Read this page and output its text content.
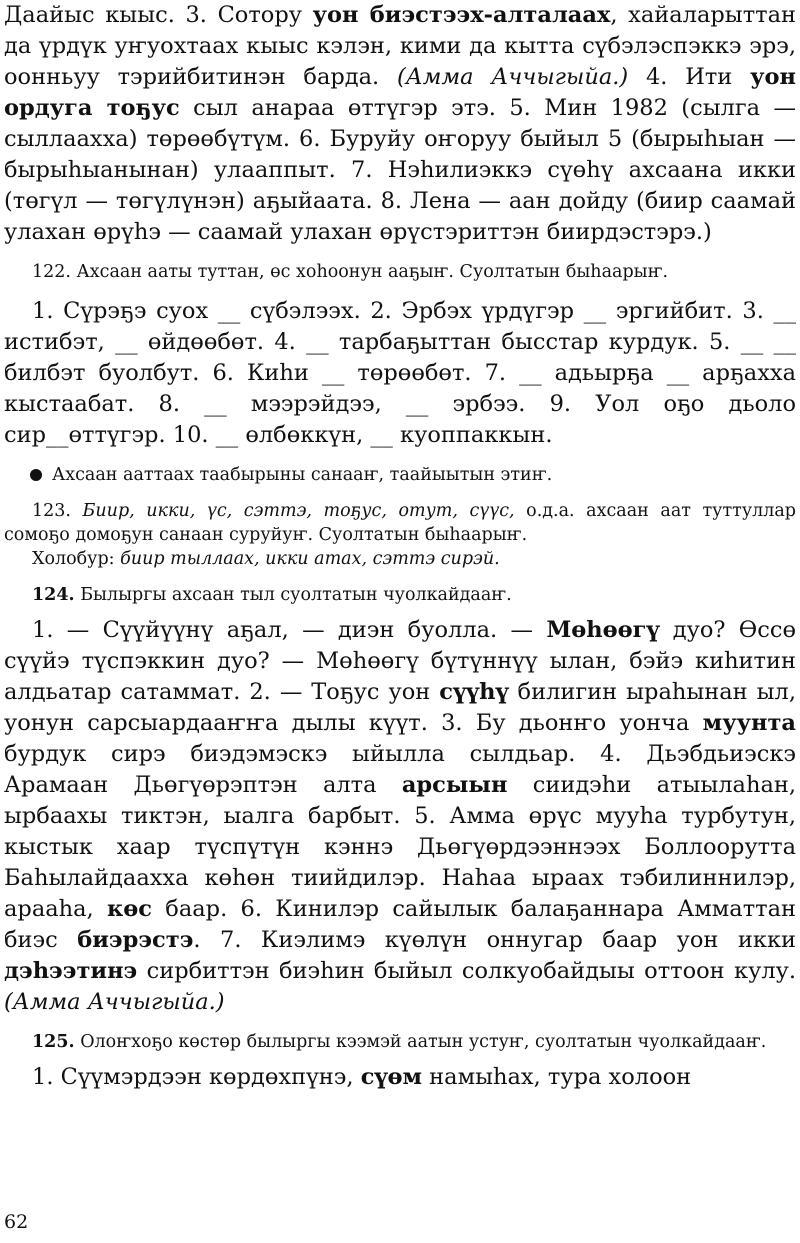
Даайыс кыыс. 3. Сотору уон биэстээх-алталаах, хайаларыттан да үрдүк уҥуохтаах кыыс кэлэн, кими да кытта сүбэлэспэккэ эрэ, оонньуу тэрийбитинэн барда. (Амма Аччыгыйа.) 4. Ити уон ордуга тоҕус сыл анараа өттүгэр этэ. 5. Мин 1982 (сылга — сыллаахха) төрөөбүтүм. 6. Буруйу оҥоруу быйыл 5 (бырыһыан — бырыһыанынан) улааппыт. 7. Нэһилиэккэ сүөһү ахсаана икки (төгүл — төгүлүнэн) аҕыйаата. 8. Лена — аан дойду (биир саамай улахан өрүһэ — саамай улахан өрүстэриттэн биирдэстэрэ.)

122. Ахсаан ааты туттан, өс хоһоонун ааҕыҥ. Суолтатын быһаарыҥ.

1. Сүрэҕэ суох __ сүбэлээх. 2. Эрбэх үрдүгэр __ эргийбит. 3. __ истибэт, __ өйдөөбөт. 4. __ тарбаҕыттан бысстар курдук. 5. __ __ билбэт буолбут. 6. Киһи __ төрөөбөт. 7. __ адьырҕа __ арҕахха кыстаабат. 8. __ мээрэйдээ, __ эрбээ. 9. Уол оҕо дьоло сир__өттүгэр. 10. __ өлбөккүн, __ куоппаккын.

Ахсаан ааттаах таабырыны санааҥ, таайыытын этиҥ.

123. Биир, икки, үс, сэттэ, тоҕус, отут, сүүс, о.д.а. ахсаан аат туттуллар сомоҕо домоҕун санаан суруйуҥ. Суолтатын быһаарыҥ.

Холобур: биир тыллаах, икки атах, сэттэ сирэй.

124. Былыргы ахсаан тыл суолтатын чуолкайдааҥ.

1. — Сүүйүүнү аҕал, — диэн буолла. — Мөһөөгү дуо? Өссө сүүйэ түспэккин дуо? — Мөһөөгү бүтүннүү ылан, бэйэ киһитин алдьатар сатаммат. 2. — Тоҕус уон сүүһү билигин ыраһынан ыл, уонун сарсыардааҥҥа дылы күүт. 3. Бу дьонҥо уонча муунта бурдук сирэ биэдэмэскэ ыйылла сылдьар. 4. Дьэбдьиэскэ Арамаан Дьөгүөрэптэн алта арсыын сиидэһи атыылаһан, ырбаахы тиктэн, ыалга барбыт. 5. Амма өрүс мууһа турбутун, кыстык хаар түспүтүн кэннэ Дьөгүөрдээннээх Боллоорутта Баһылайдаахха көһөн тиийдилэр. Наһаа ыраах тэбилиннилэр, арааһа, көс баар. 6. Кинилэр сайылык балаҕаннара Амматтан биэс биэрэстэ. 7. Киэлимэ күөлүн оннугар баар уон икки дэһээтинэ сирбиттэн биэһин быйыл солкуобайдыы оттоон кулу. (Амма Аччыгыйа.)

125. Олоҥхоҕо көстөр былыргы кээмэй аатын устуҥ, суолтатын чуолкайдааҥ.

1. Сүүмэрдээн көрдөхпүнэ, сүөм намыһах, тура холоон

62
